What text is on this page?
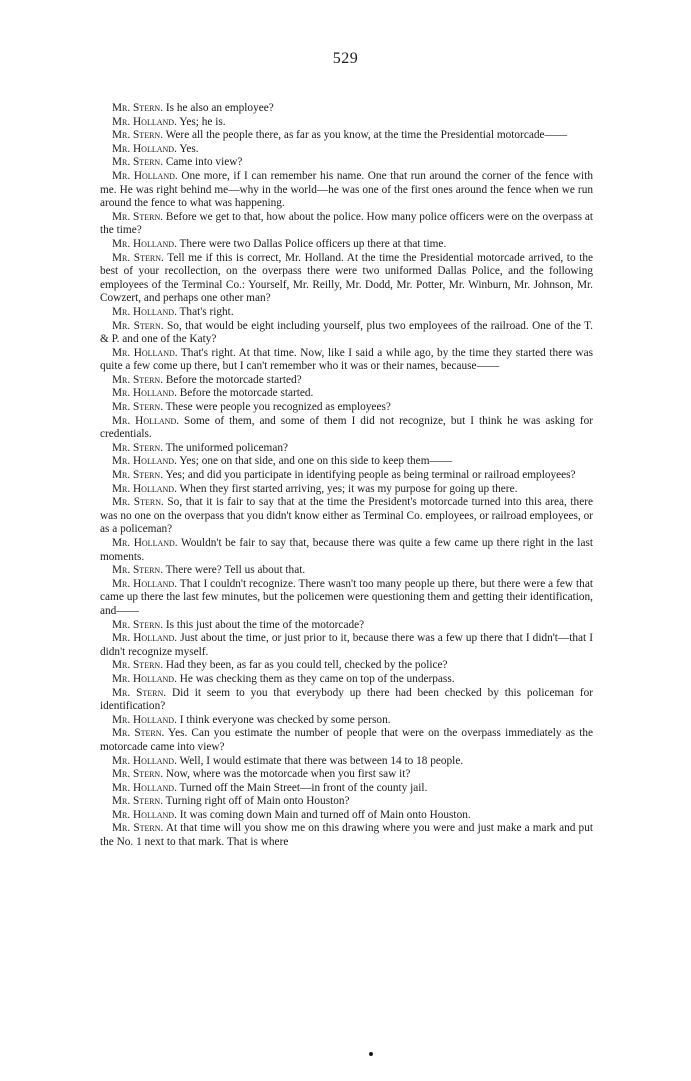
529

Mr. Stern. Is he also an employee?

Mr. Holland. Yes; he is.

Mr. Stern. Were all the people there, as far as you know, at the time the Presidential motorcade——

Mr. Holland. Yes.

Mr. Stern. Came into view?

Mr. Holland. One more, if I can remember his name. One that run around the corner of the fence with me. He was right behind me—why in the world—he was one of the first ones around the fence when we run around the fence to what was happening.

Mr. Stern. Before we get to that, how about the police. How many police officers were on the overpass at the time?

Mr. Holland. There were two Dallas Police officers up there at that time.

Mr. Stern. Tell me if this is correct, Mr. Holland. At the time the Presidential motorcade arrived, to the best of your recollection, on the overpass there were two uniformed Dallas Police, and the following employees of the Terminal Co.: Yourself, Mr. Reilly, Mr. Dodd, Mr. Potter, Mr. Winburn, Mr. Johnson, Mr. Cowzert, and perhaps one other man?

Mr. Holland. That's right.

Mr. Stern. So, that would be eight including yourself, plus two employees of the railroad. One of the T. & P. and one of the Katy?

Mr. Holland. That's right. At that time. Now, like I said a while ago, by the time they started there was quite a few come up there, but I can't remember who it was or their names, because——

Mr. Stern. Before the motorcade started?

Mr. Holland. Before the motorcade started.

Mr. Stern. These were people you recognized as employees?

Mr. Holland. Some of them, and some of them I did not recognize, but I think he was asking for credentials.

Mr. Stern. The uniformed policeman?

Mr. Holland. Yes; one on that side, and one on this side to keep them——

Mr. Stern. Yes; and did you participate in identifying people as being terminal or railroad employees?

Mr. Holland. When they first started arriving, yes; it was my purpose for going up there.

Mr. Stern. So, that it is fair to say that at the time the President's motorcade turned into this area, there was no one on the overpass that you didn't know either as Terminal Co. employees, or railroad employees, or as a policeman?

Mr. Holland. Wouldn't be fair to say that, because there was quite a few came up there right in the last moments.

Mr. Stern. There were? Tell us about that.

Mr. Holland. That I couldn't recognize. There wasn't too many people up there, but there were a few that came up there the last few minutes, but the policemen were questioning them and getting their identification, and——

Mr. Stern. Is this just about the time of the motorcade?

Mr. Holland. Just about the time, or just prior to it, because there was a few up there that I didn't—that I didn't recognize myself.

Mr. Stern. Had they been, as far as you could tell, checked by the police?

Mr. Holland. He was checking them as they came on top of the underpass.

Mr. Stern. Did it seem to you that everybody up there had been checked by this policeman for identification?

Mr. Holland. I think everyone was checked by some person.

Mr. Stern. Yes. Can you estimate the number of people that were on the overpass immediately as the motorcade came into view?

Mr. Holland. Well, I would estimate that there was between 14 to 18 people.

Mr. Stern. Now, where was the motorcade when you first saw it?

Mr. Holland. Turned off the Main Street—in front of the county jail.

Mr. Stern. Turning right off of Main onto Houston?

Mr. Holland. It was coming down Main and turned off of Main onto Houston.

Mr. Stern. At that time will you show me on this drawing where you were and just make a mark and put the No. 1 next to that mark. That is where
